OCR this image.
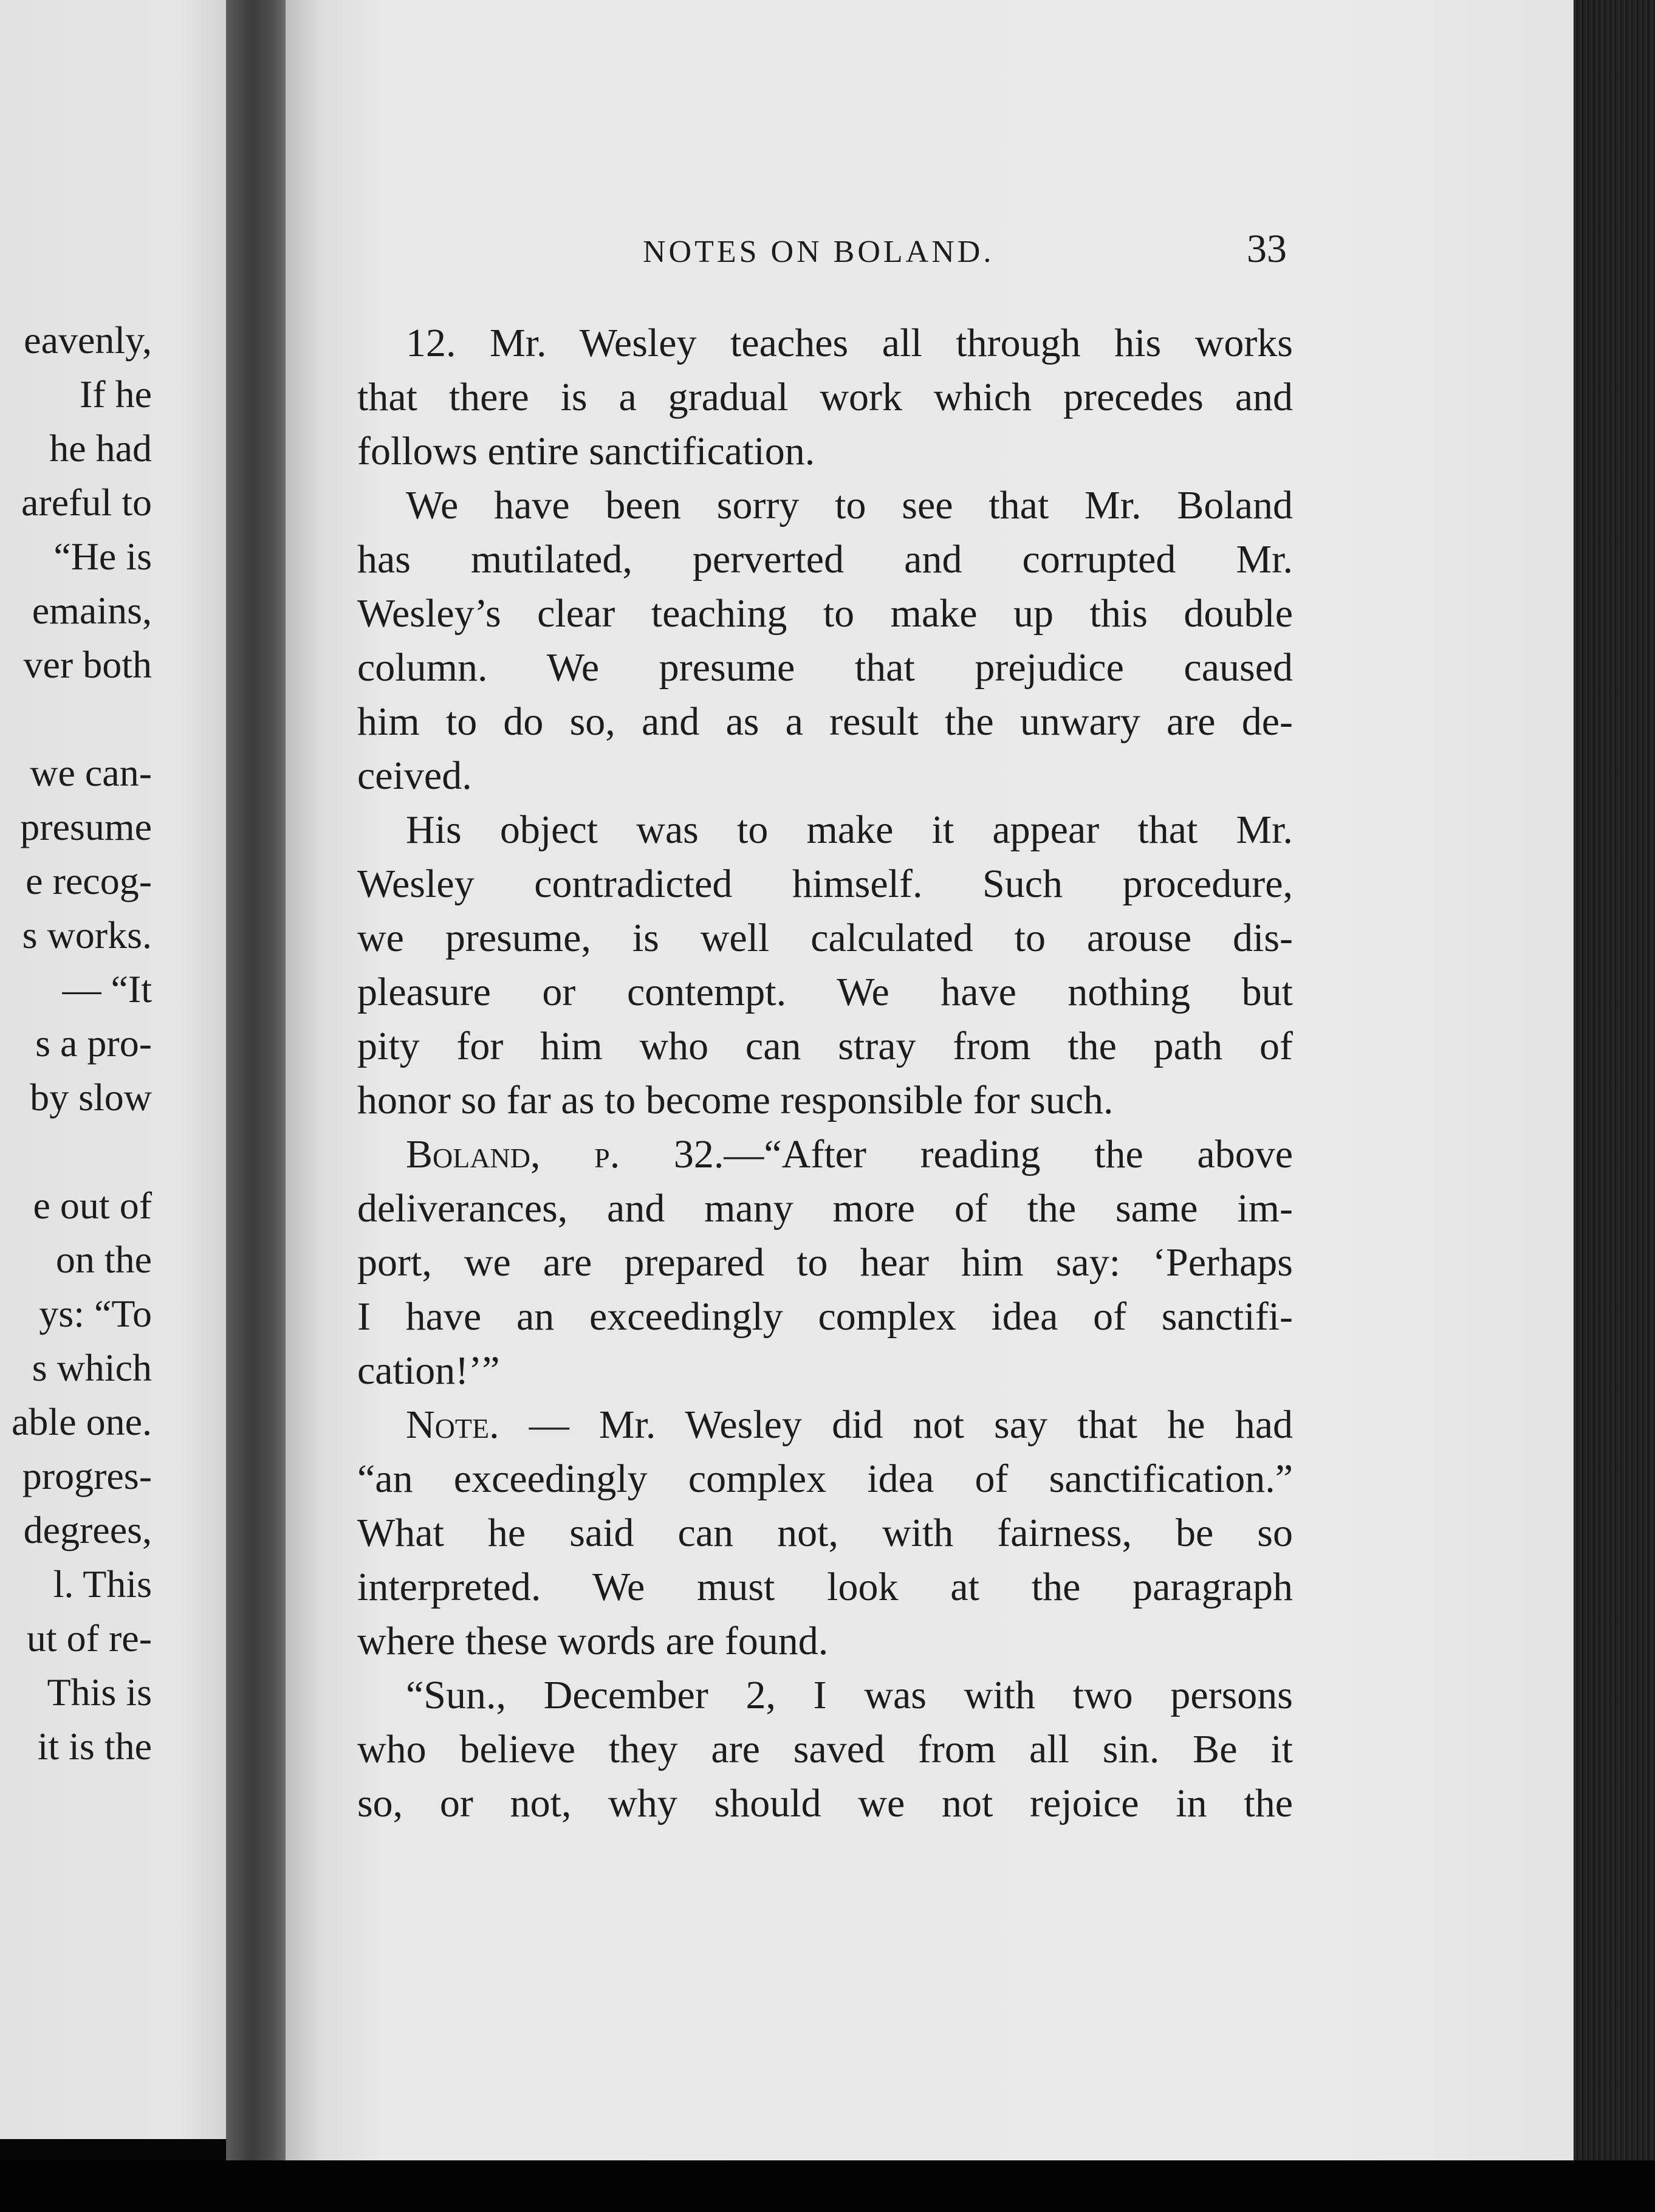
eavenly,
If he
he had
areful to
“He is
emains,
ver both
we can-
presume
e recog-
s works.
— “It
s a pro-
by slow
e out of
on the
ys: “To
s which
able one.
progres-
degrees,
l. This
ut of re-
This is
it is the
NOTES ON BOLAND.	33
12. Mr. Wesley teaches all through his works
that there is a gradual work which precedes and
follows entire sanctification.
We have been sorry to see that Mr. Boland
has mutilated, perverted and corrupted Mr.
Wesley’s clear teaching to make up this double
column. We presume that prejudice caused
him to do so, and as a result the unwary are de-
ceived.
His object was to make it appear that Mr.
Wesley contradicted himself. Such procedure,
we presume, is well calculated to arouse dis-
pleasure or contempt. We have nothing but
pity for him who can stray from the path of
honor so far as to become responsible for such.
Boland, p. 32.—“After reading the above
deliverances, and many more of the same im-
port, we are prepared to hear him say: ‘Perhaps
I have an exceedingly complex idea of sanctifi-
cation!’”
Note. — Mr. Wesley did not say that he had
“an exceedingly complex idea of sanctification.”
What he said can not, with fairness, be so
interpreted. We must look at the paragraph
where these words are found.
“Sun., December 2, I was with two persons
who believe they are saved from all sin. Be it
so, or not, why should we not rejoice in the
